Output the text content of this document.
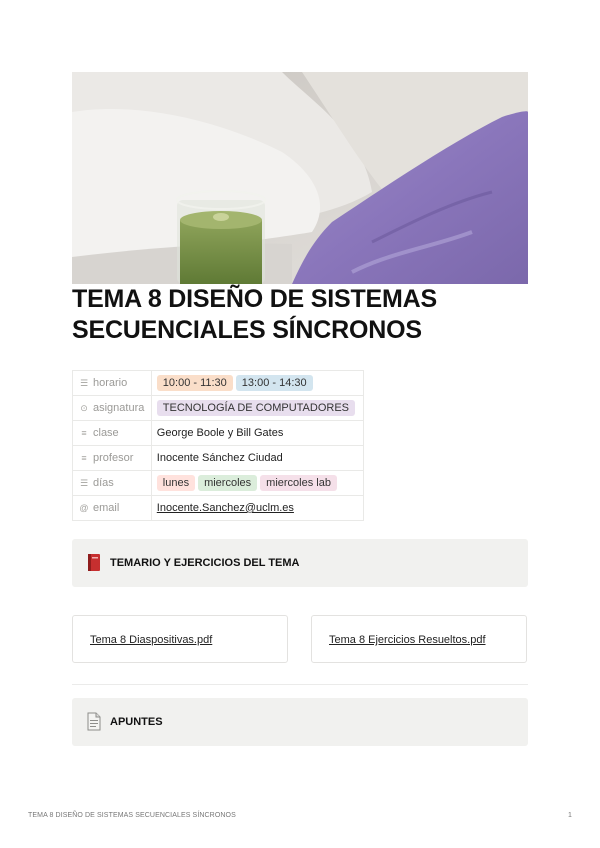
TEMA 8 DISEÑO DE SISTEMAS SECUENCIALES SÍNCRONOS
☰ horario	10:00 - 11:30 13:00 - 14:30
⊙ asignatura	TECNOLOGÍA DE COMPUTADORES
≡ clase	George Boole y Bill Gates
≡ profesor	Inocente Sánchez Ciudad
☰ días	lunes miercoles miercoles lab
@ email	Inocente.Sanchez@uclm.es
TEMARIO Y EJERCICIOS DEL TEMA
Tema 8 Diaspositivas.pdf	Tema 8 Ejercicios Resueltos.pdf
APUNTES
TEMA 8 DISEÑO DE SISTEMAS SECUENCIALES SÍNCRONOS	1
